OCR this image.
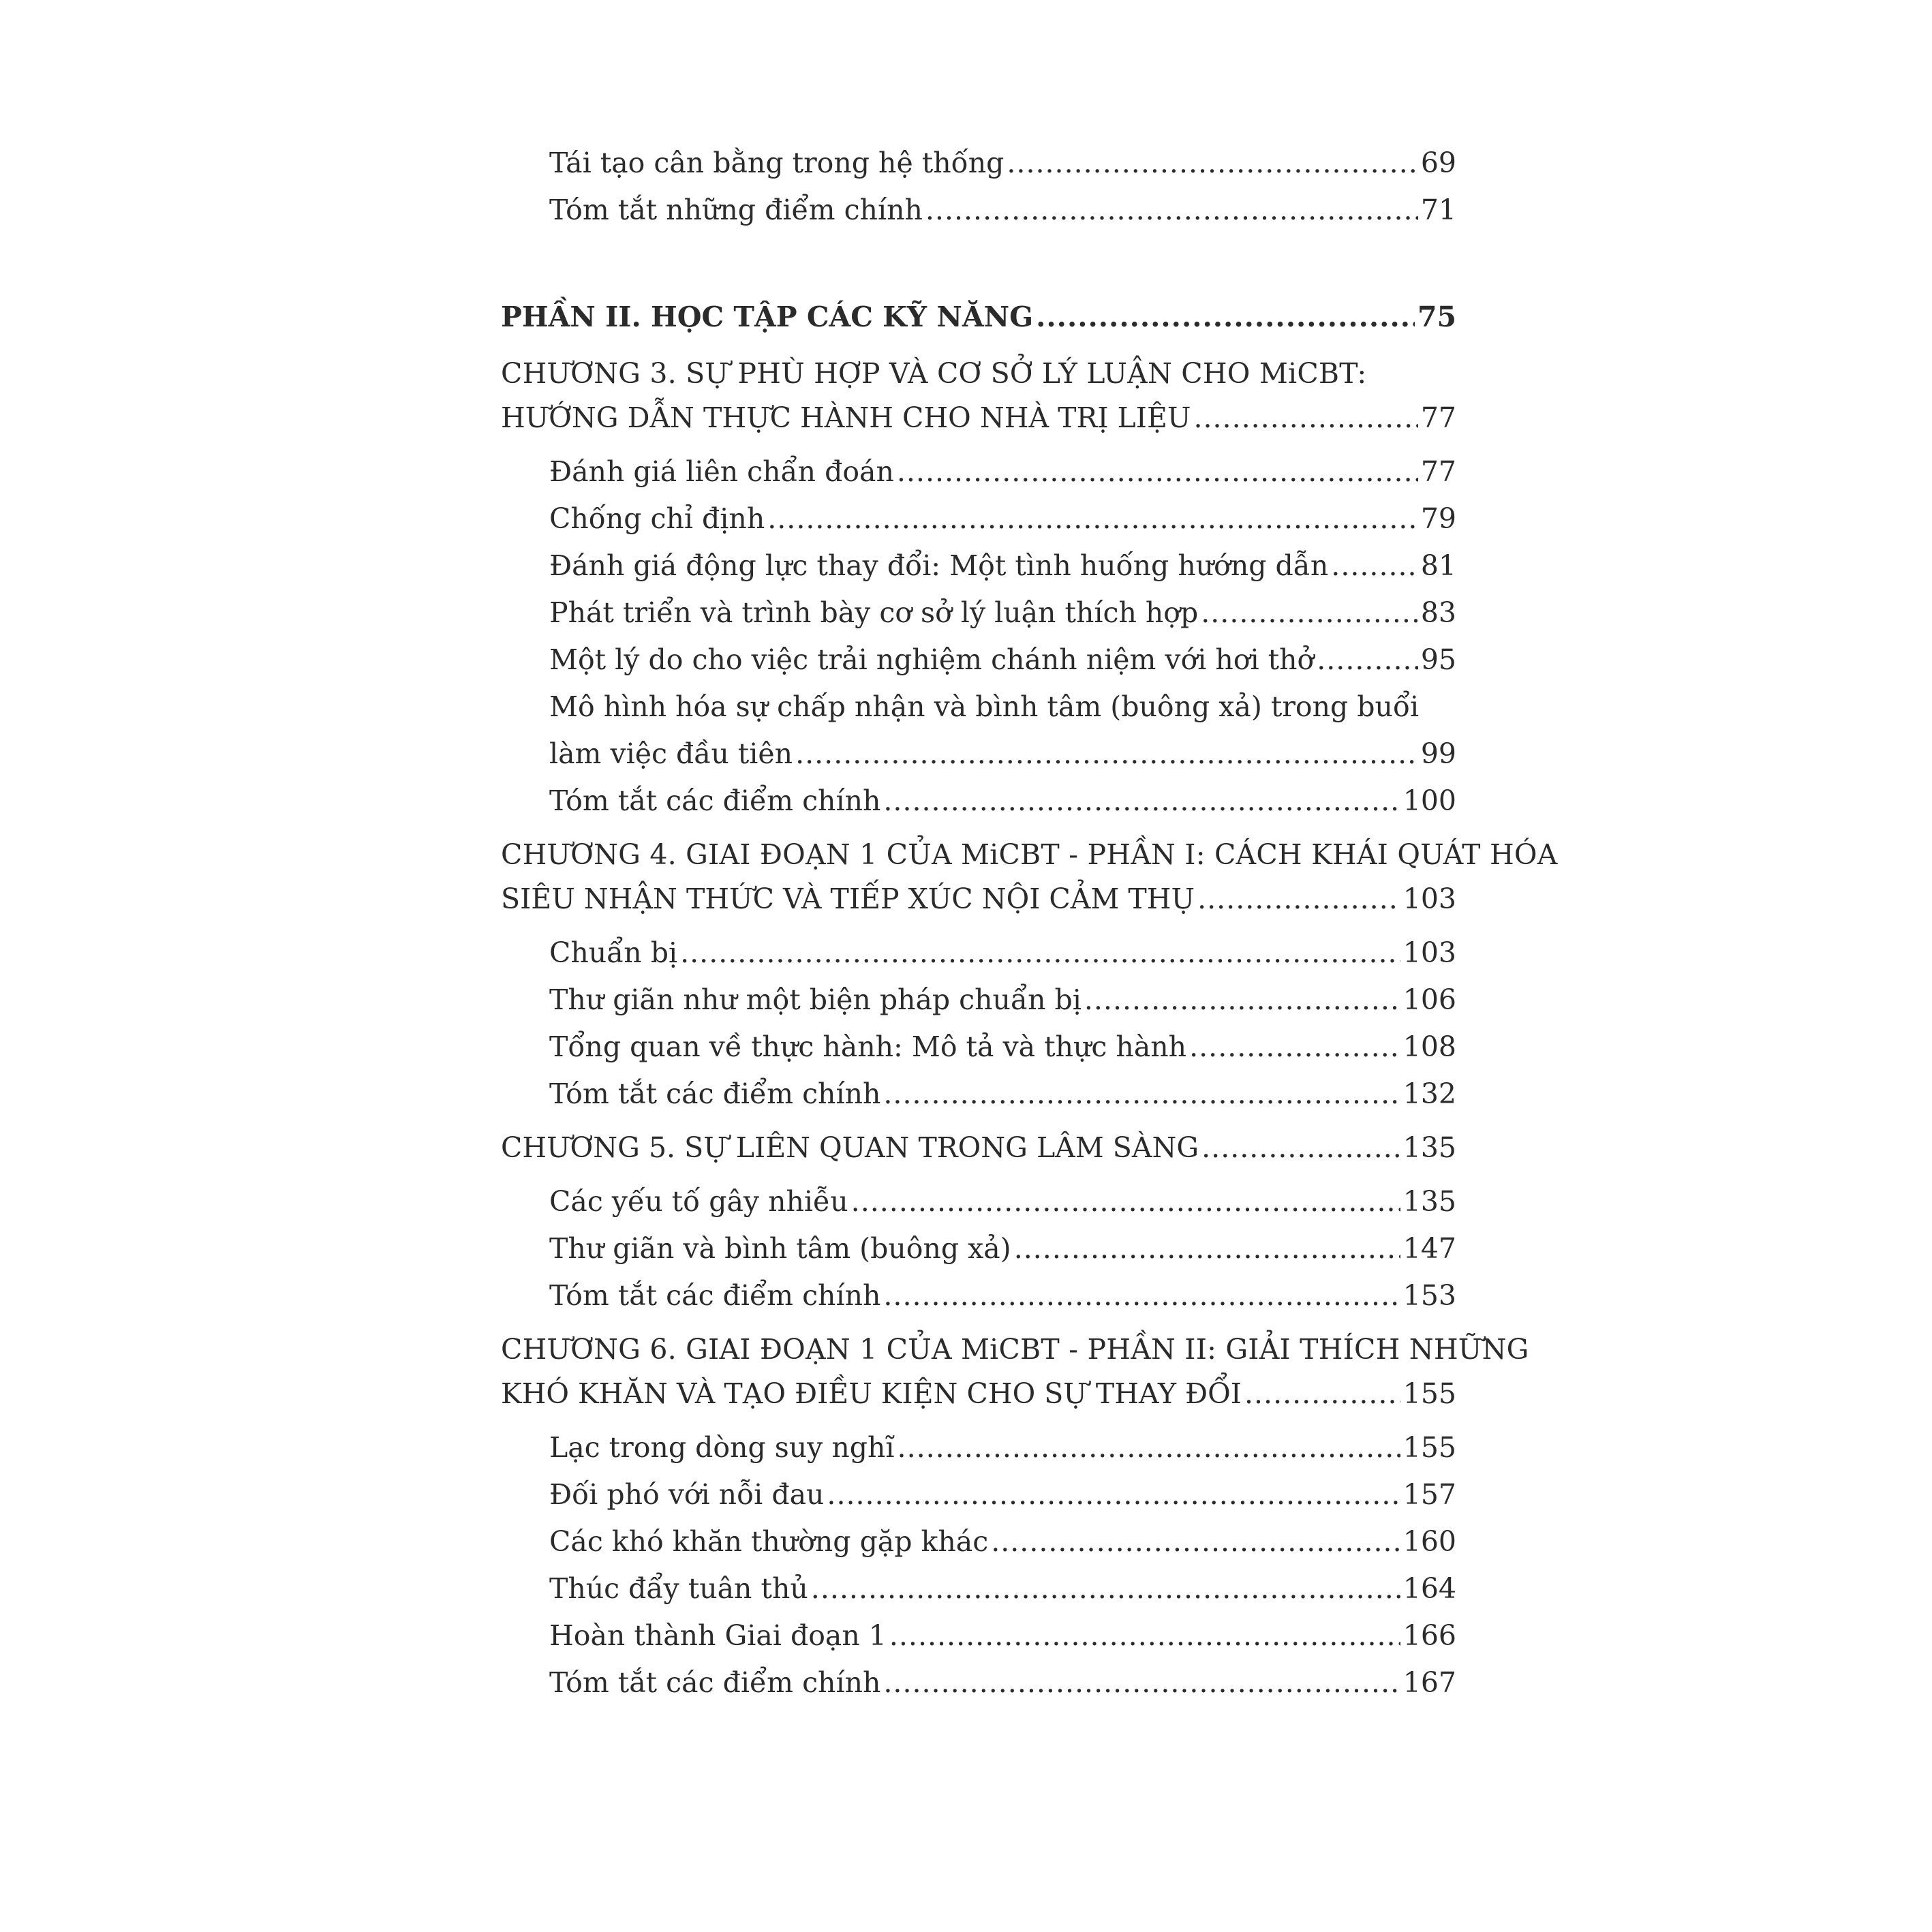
Tái tạo cân bằng trong hệ thống .....	69
Tóm tắt những điểm chính .....	71
PHẦN II. HỌC TẬP CÁC KỸ NĂNG .....	75
CHƯƠNG 3. SỰ PHÙ HỢP VÀ CƠ SỞ LÝ LUẬN CHO MiCBT:
HƯỚNG DẪN THỰC HÀNH CHO NHÀ TRỊ LIỆU .....	77
Đánh giá liên chẩn đoán .....	77
Chống chỉ định .....	79
Đánh giá động lực thay đổi: Một tình huống hướng dẫn .....	81
Phát triển và trình bày cơ sở lý luận thích hợp .....	83
Một lý do cho việc trải nghiệm chánh niệm với hơi thở .....	95
Mô hình hóa sự chấp nhận và bình tâm (buông xả) trong buổi
làm việc đầu tiên .....	99
Tóm tắt các điểm chính .....	100
CHƯƠNG 4. GIAI ĐOẠN 1 CỦA MiCBT - PHẦN I: CÁCH KHÁI QUÁT HÓA
SIÊU NHẬN THỨC VÀ TIẾP XÚC NỘI CẢM THỤ .....	103
Chuẩn bị .....	103
Thư giãn như một biện pháp chuẩn bị .....	106
Tổng quan về thực hành: Mô tả và thực hành .....	108
Tóm tắt các điểm chính .....	132
CHƯƠNG 5. SỰ LIÊN QUAN TRONG LÂM SÀNG .....	135
Các yếu tố gây nhiễu .....	135
Thư giãn và bình tâm (buông xả) .....	147
Tóm tắt các điểm chính .....	153
CHƯƠNG 6. GIAI ĐOẠN 1 CỦA MiCBT - PHẦN II: GIẢI THÍCH NHỮNG
KHÓ KHĂN VÀ TẠO ĐIỀU KIỆN CHO SỰ THAY ĐỔI .....	155
Lạc trong dòng suy nghĩ .....	155
Đối phó với nỗi đau .....	157
Các khó khăn thường gặp khác .....	160
Thúc đẩy tuân thủ .....	164
Hoàn thành Giai đoạn 1 .....	166
Tóm tắt các điểm chính .....	167
